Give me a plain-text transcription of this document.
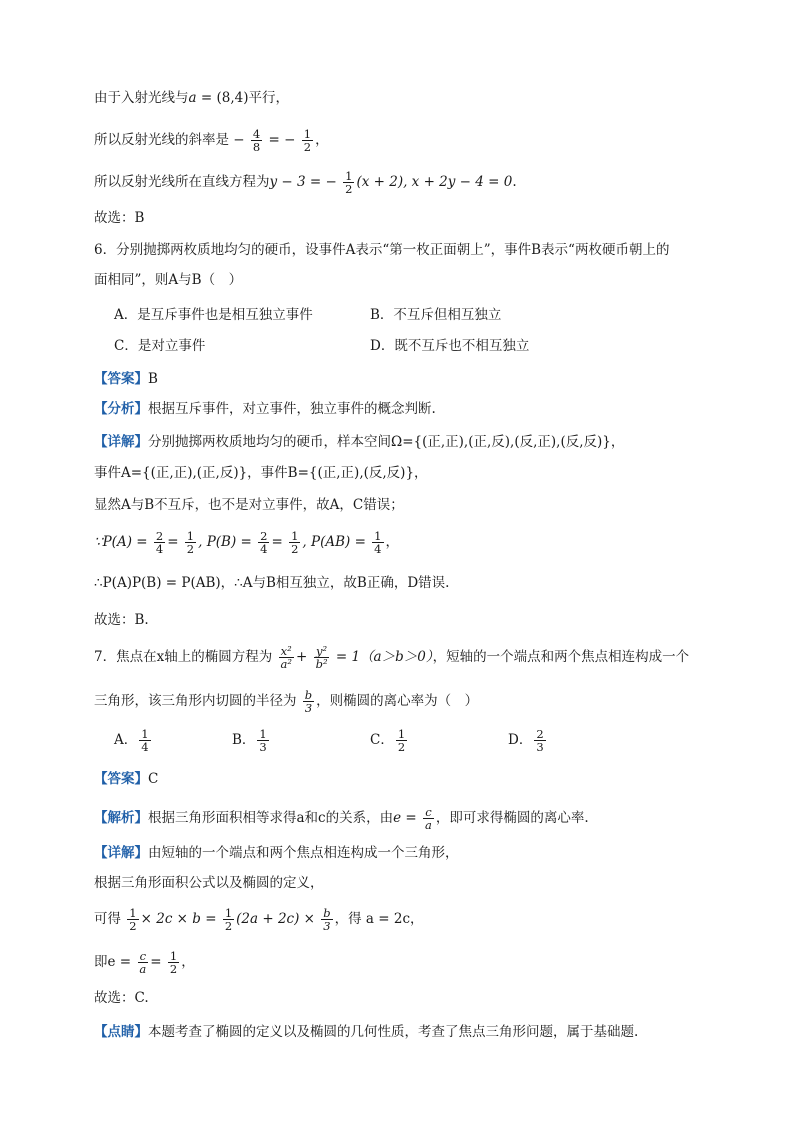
由于入射光线与a = (8,4)平行，
所以反射光线的斜率是 − $\frac{4}{8}$ = − $\frac{1}{2}$ ，
所以反射光线所在直线方程为y − 3 = − $\frac{1}{2} (x + 2)$, x + 2y − 4 = 0.
故选：B
6．分别抛掷两枚质地均匀的硬币，设事件A表示“第一枚正面朝上”，事件B表示“两枚硬币朝上的
面相同”，则A与B（　）
A．是互斥事件也是相互独立事件	B．不互斥但相互独立
C．是对立事件	D．既不互斥也不相互独立
【答案】B
【分析】根据互斥事件，对立事件，独立事件的概念判断.
【详解】分别抛掷两枚质地均匀的硬币，样本空间Ω={(正,正),(正,反),(反,正),(反,反)}，
事件A={(正,正),(正,反)}，事件B={(正,正),(反,反)}，
显然A与B不互斥，也不是对立事件，故A，C错误；
∵P(A) = $\frac{2}{4} = \frac{1}{2}$ , $P(B) = \frac{2}{4} = \frac{1}{2}$ , $P(AB) = \frac{1}{4}$ ，
∴P(A)P(B) = P(AB)，∴A与B相互独立，故B正确，D错误.
故选：B.
7．焦点在x轴上的椭圆方程为 $\frac{\text{x²}}{\text{a²}} + \frac{\text{y²}}{\text{b²}} = 1(a>b>0)$，短轴的一个端点和两个焦点相连构成一个
三角形，该三角形内切圆的半径为 $\frac{b}{3}$ ，则椭圆的离心率为（　）
A． $\frac{1}{4}$	B． $\frac{1}{3}$	C． $\frac{1}{2}$	D． $\frac{2}{3}$
【答案】C
【解析】根据三角形面积相等求得a和c的关系，由$e = \frac{c}{a}$ ，即可求得椭圆的离心率.
【详解】由短轴的一个端点和两个焦点相连构成一个三角形，
根据三角形面积公式以及椭圆的定义，
可得 $\frac{1}{2} \times 2c \times b = \frac{1}{2} (2a + 2c) \times \frac{b}{3}$ ，得 a = 2c，
即$e = \frac{c}{a} = \frac{1}{2}$ ，
故选：C.
【点睛】本题考查了椭圆的定义以及椭圆的几何性质，考查了焦点三角形问题，属于基础题.
